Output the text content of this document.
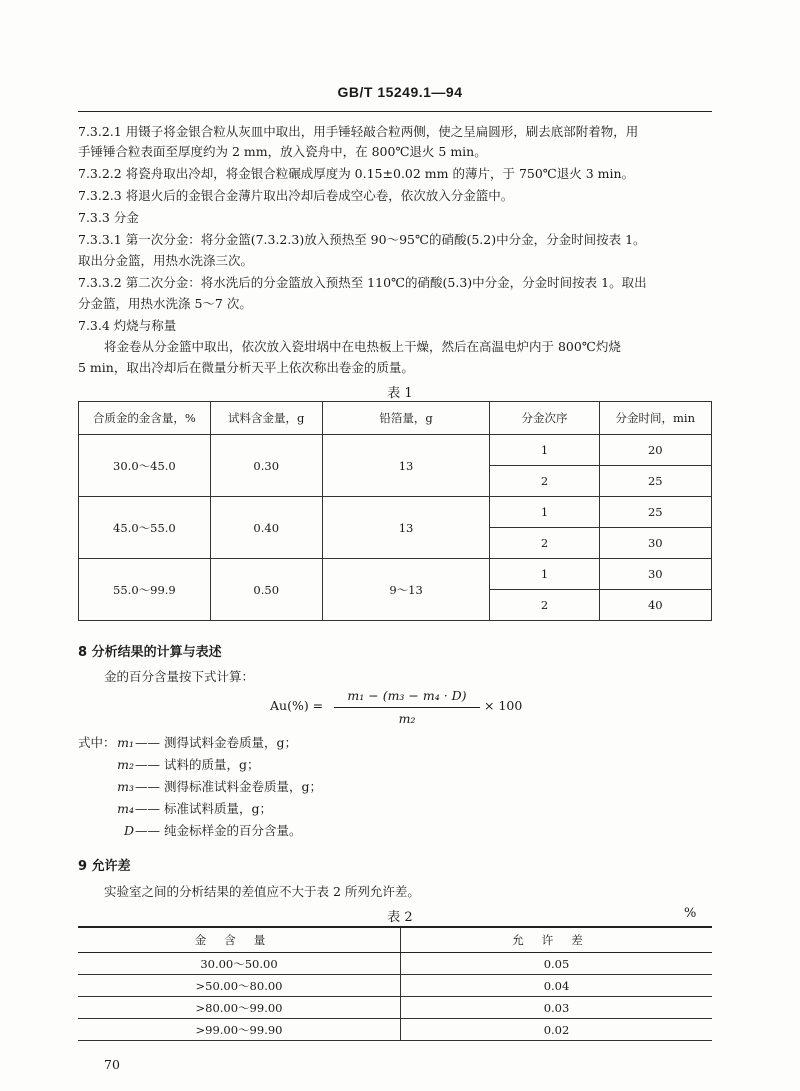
GB/T 15249.1—94
7.3.2.1 用镊子将金银合粒从灰皿中取出，用手锤轻敲合粒两侧，使之呈扁圆形，刷去底部附着物，用
手锤锤合粒表面至厚度约为 2 mm，放入瓷舟中，在 800℃退火 5 min。
7.3.2.2 将瓷舟取出冷却，将金银合粒碾成厚度为 0.15±0.02 mm 的薄片，于 750℃退火 3 min。
7.3.2.3 将退火后的金银合金薄片取出冷却后卷成空心卷，依次放入分金篮中。
7.3.3 分金
7.3.3.1 第一次分金：将分金篮(7.3.2.3)放入预热至 90～95℃的硝酸(5.2)中分金，分金时间按表 1。
取出分金篮，用热水洗涤三次。
7.3.3.2 第二次分金：将水洗后的分金篮放入预热至 110℃的硝酸(5.3)中分金，分金时间按表 1。取出
分金篮，用热水洗涤 5～7 次。
7.3.4 灼烧与称量
将金卷从分金篮中取出，依次放入瓷坩埚中在电热板上干燥，然后在高温电炉内于 800℃灼烧
5 min，取出冷却后在微量分析天平上依次称出卷金的质量。
表 1
合质金的金含量，%	试料含金量，g	铅箔量，g	分金次序	分金时间，min
30.0～45.0	0.30	13	1	20
			2	25
45.0～55.0	0.40	13	1	25
			2	30
55.0～99.9	0.50	9～13	1	30
			2	40
8 分析结果的计算与表述
金的百分含量按下式计算：
Au(%) =
m₁ − (m₃ − m₄ · D)
m₂
× 100
式中： m₁ —— 测得试料金卷质量，g；
m₂ —— 试料的质量，g；
m₃ —— 测得标准试料金卷质量，g；
m₄ —— 标准试料质量，g；
D —— 纯金标样金的百分含量。
9 允许差
实验室之间的分析结果的差值应不大于表 2 所列允许差。
表 2	%
金含量	允许差
30.00～50.00	0.05
>50.00～80.00	0.04
>80.00～99.00	0.03
>99.00～99.90	0.02
70
